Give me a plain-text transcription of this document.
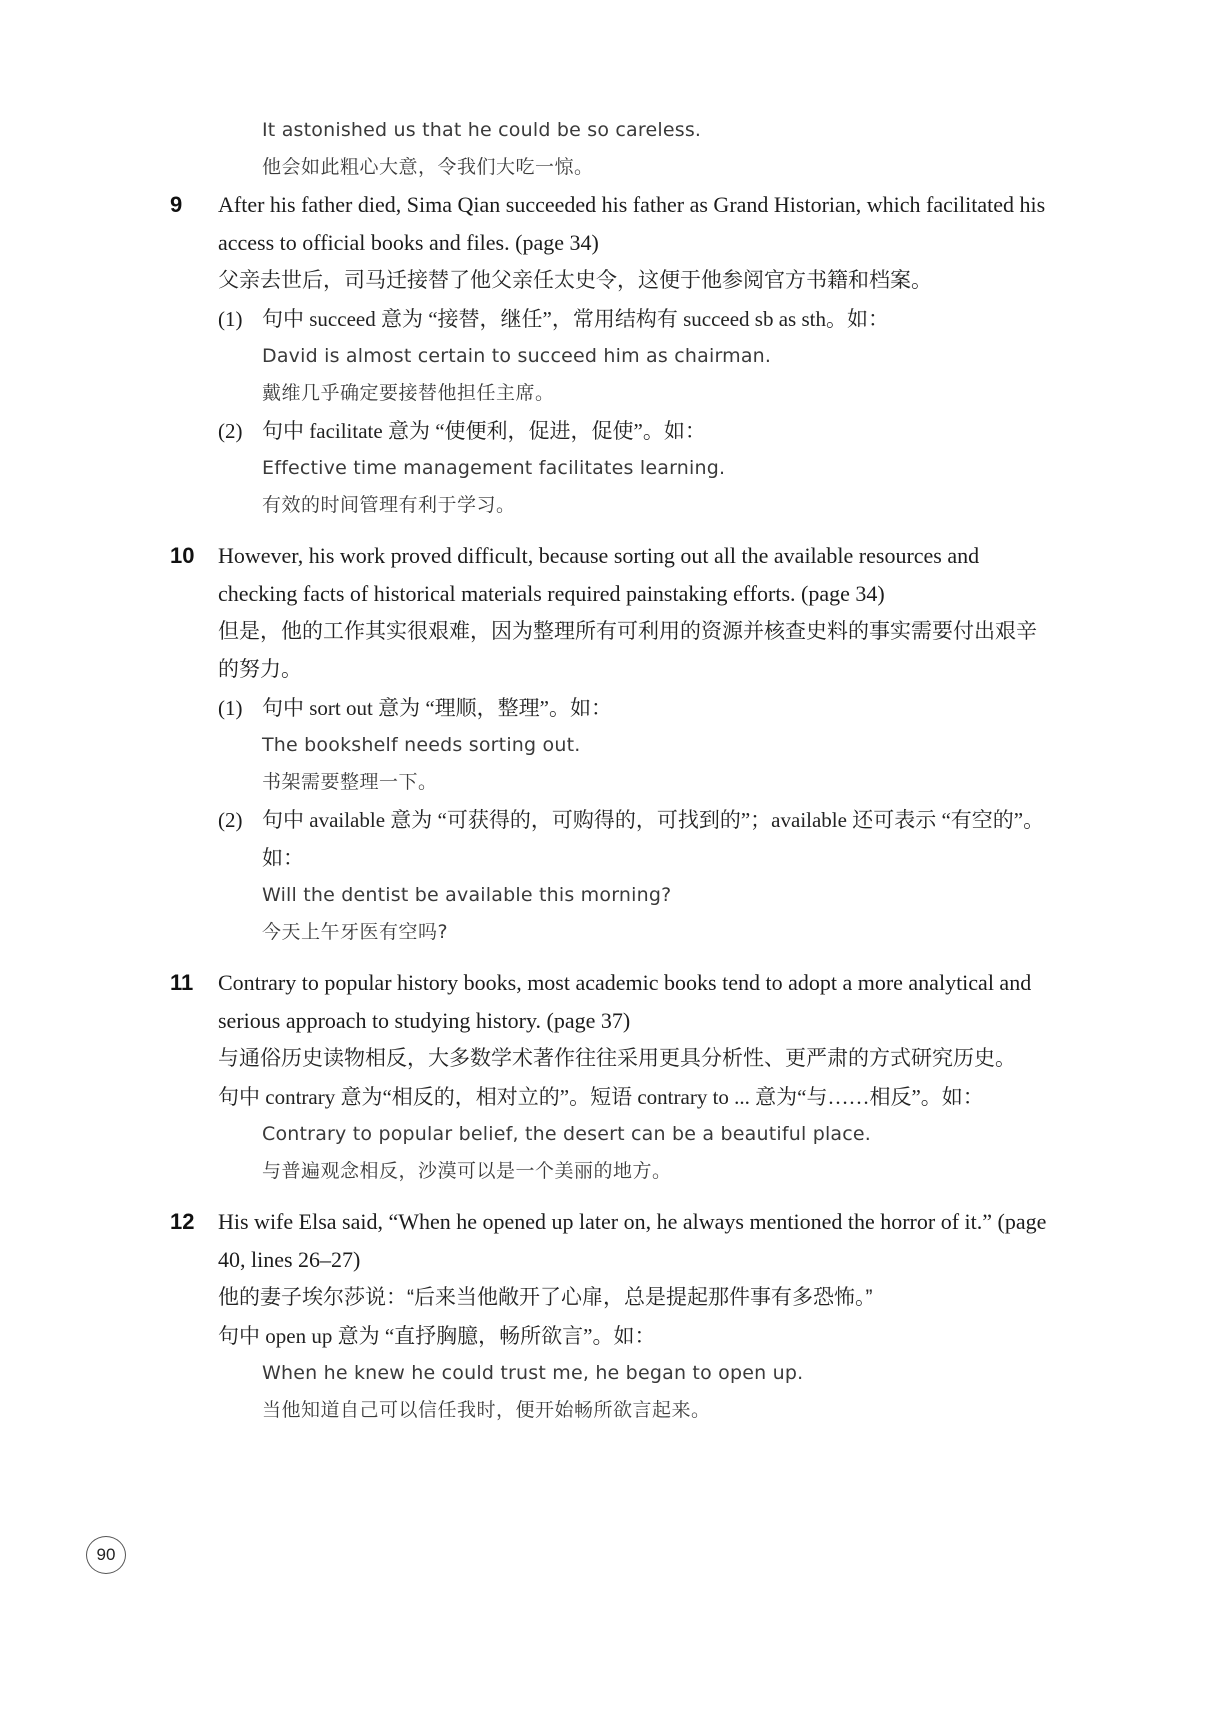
It astonished us that he could be so careless.

他会如此粗心大意，令我们大吃一惊。

9	After his father died, Sima Qian succeeded his father as Grand Historian, which facilitated his access to official books and files. (page 34)

父亲去世后，司马迁接替了他父亲任太史令，这便于他参阅官方书籍和档案。

(1) 句中 succeed 意为 “接替，继任”，常用结构有 succeed sb as sth。如：

David is almost certain to succeed him as chairman.

戴维几乎确定要接替他担任主席。

(2) 句中 facilitate 意为 “使便利，促进，促使”。如：

Effective time management facilitates learning.

有效的时间管理有利于学习。

10	However, his work proved difficult, because sorting out all the available resources and checking facts of historical materials required painstaking efforts. (page 34)

但是，他的工作其实很艰难，因为整理所有可利用的资源并核查史料的事实需要付出艰辛的努力。

(1) 句中 sort out 意为 “理顺，整理”。如：

The bookshelf needs sorting out.

书架需要整理一下。

(2) 句中 available 意为 “可获得的，可购得的，可找到的”；available 还可表示 “有空的”。 如：

Will the dentist be available this morning?

今天上午牙医有空吗?

11	Contrary to popular history books, most academic books tend to adopt a more analytical and serious approach to studying history. (page 37)

与通俗历史读物相反，大多数学术著作往往采用更具分析性、更严肃的方式研究历史。

句中 contrary 意为“相反的，相对立的”。短语 contrary to ... 意为“与……相反”。如：

Contrary to popular belief, the desert can be a beautiful place.

与普遍观念相反，沙漠可以是一个美丽的地方。

12	His wife Elsa said, “When he opened up later on, he always mentioned the horror of it.” (page 40, lines 26–27)

他的妻子埃尔莎说：“后来当他敞开了心扉，总是提起那件事有多恐怖。”

句中 open up 意为 “直抒胸臆，畅所欲言”。如：

When he knew he could trust me, he began to open up.

当他知道自己可以信任我时，便开始畅所欲言起来。

90
